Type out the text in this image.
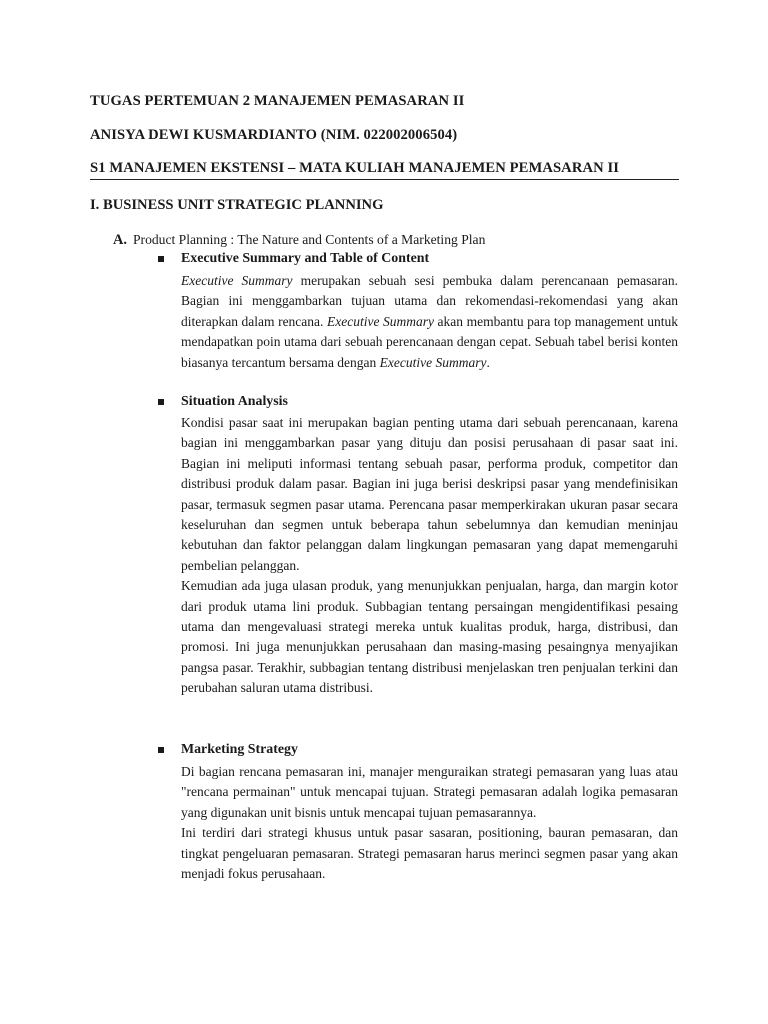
TUGAS PERTEMUAN 2 MANAJEMEN PEMASARAN II
ANISYA DEWI KUSMARDIANTO (NIM. 022002006504)
S1 MANAJEMEN EKSTENSI – MATA KULIAH MANAJEMEN PEMASARAN II
I. BUSINESS UNIT STRATEGIC PLANNING
A. Product Planning : The Nature and Contents of a Marketing Plan
Executive Summary and Table of Content

Executive Summary merupakan sebuah sesi pembuka dalam perencanaan pemasaran. Bagian ini menggambarkan tujuan utama dan rekomendasi-rekomendasi yang akan diterapkan dalam rencana. Executive Summary akan membantu para top management untuk mendapatkan poin utama dari sebuah perencanaan dengan cepat. Sebuah tabel berisi konten biasanya tercantum bersama dengan Executive Summary.

Situation Analysis

Kondisi pasar saat ini merupakan bagian penting utama dari sebuah perencanaan, karena bagian ini menggambarkan pasar yang dituju dan posisi perusahaan di pasar saat ini. Bagian ini meliputi informasi tentang sebuah pasar, performa produk, competitor dan distribusi produk dalam pasar. Bagian ini juga berisi deskripsi pasar yang mendefinisikan pasar, termasuk segmen pasar utama. Perencana pasar memperkirakan ukuran pasar secara keseluruhan dan segmen untuk beberapa tahun sebelumnya dan kemudian meninjau kebutuhan dan faktor pelanggan dalam lingkungan pemasaran yang dapat memengaruhi pembelian pelanggan.

Kemudian ada juga ulasan produk, yang menunjukkan penjualan, harga, dan margin kotor dari produk utama lini produk. Subbagian tentang persaingan mengidentifikasi pesaing utama dan mengevaluasi strategi mereka untuk kualitas produk, harga, distribusi, dan promosi. Ini juga menunjukkan perusahaan dan masing-masing pesaingnya menyajikan pangsa pasar. Terakhir, subbagian tentang distribusi menjelaskan tren penjualan terkini dan perubahan saluran utama distribusi.

Marketing Strategy

Di bagian rencana pemasaran ini, manajer menguraikan strategi pemasaran yang luas atau "rencana permainan" untuk mencapai tujuan. Strategi pemasaran adalah logika pemasaran yang digunakan unit bisnis untuk mencapai tujuan pemasarannya.

Ini terdiri dari strategi khusus untuk pasar sasaran, positioning, bauran pemasaran, dan tingkat pengeluaran pemasaran. Strategi pemasaran harus merinci segmen pasar yang akan menjadi fokus perusahaan.
